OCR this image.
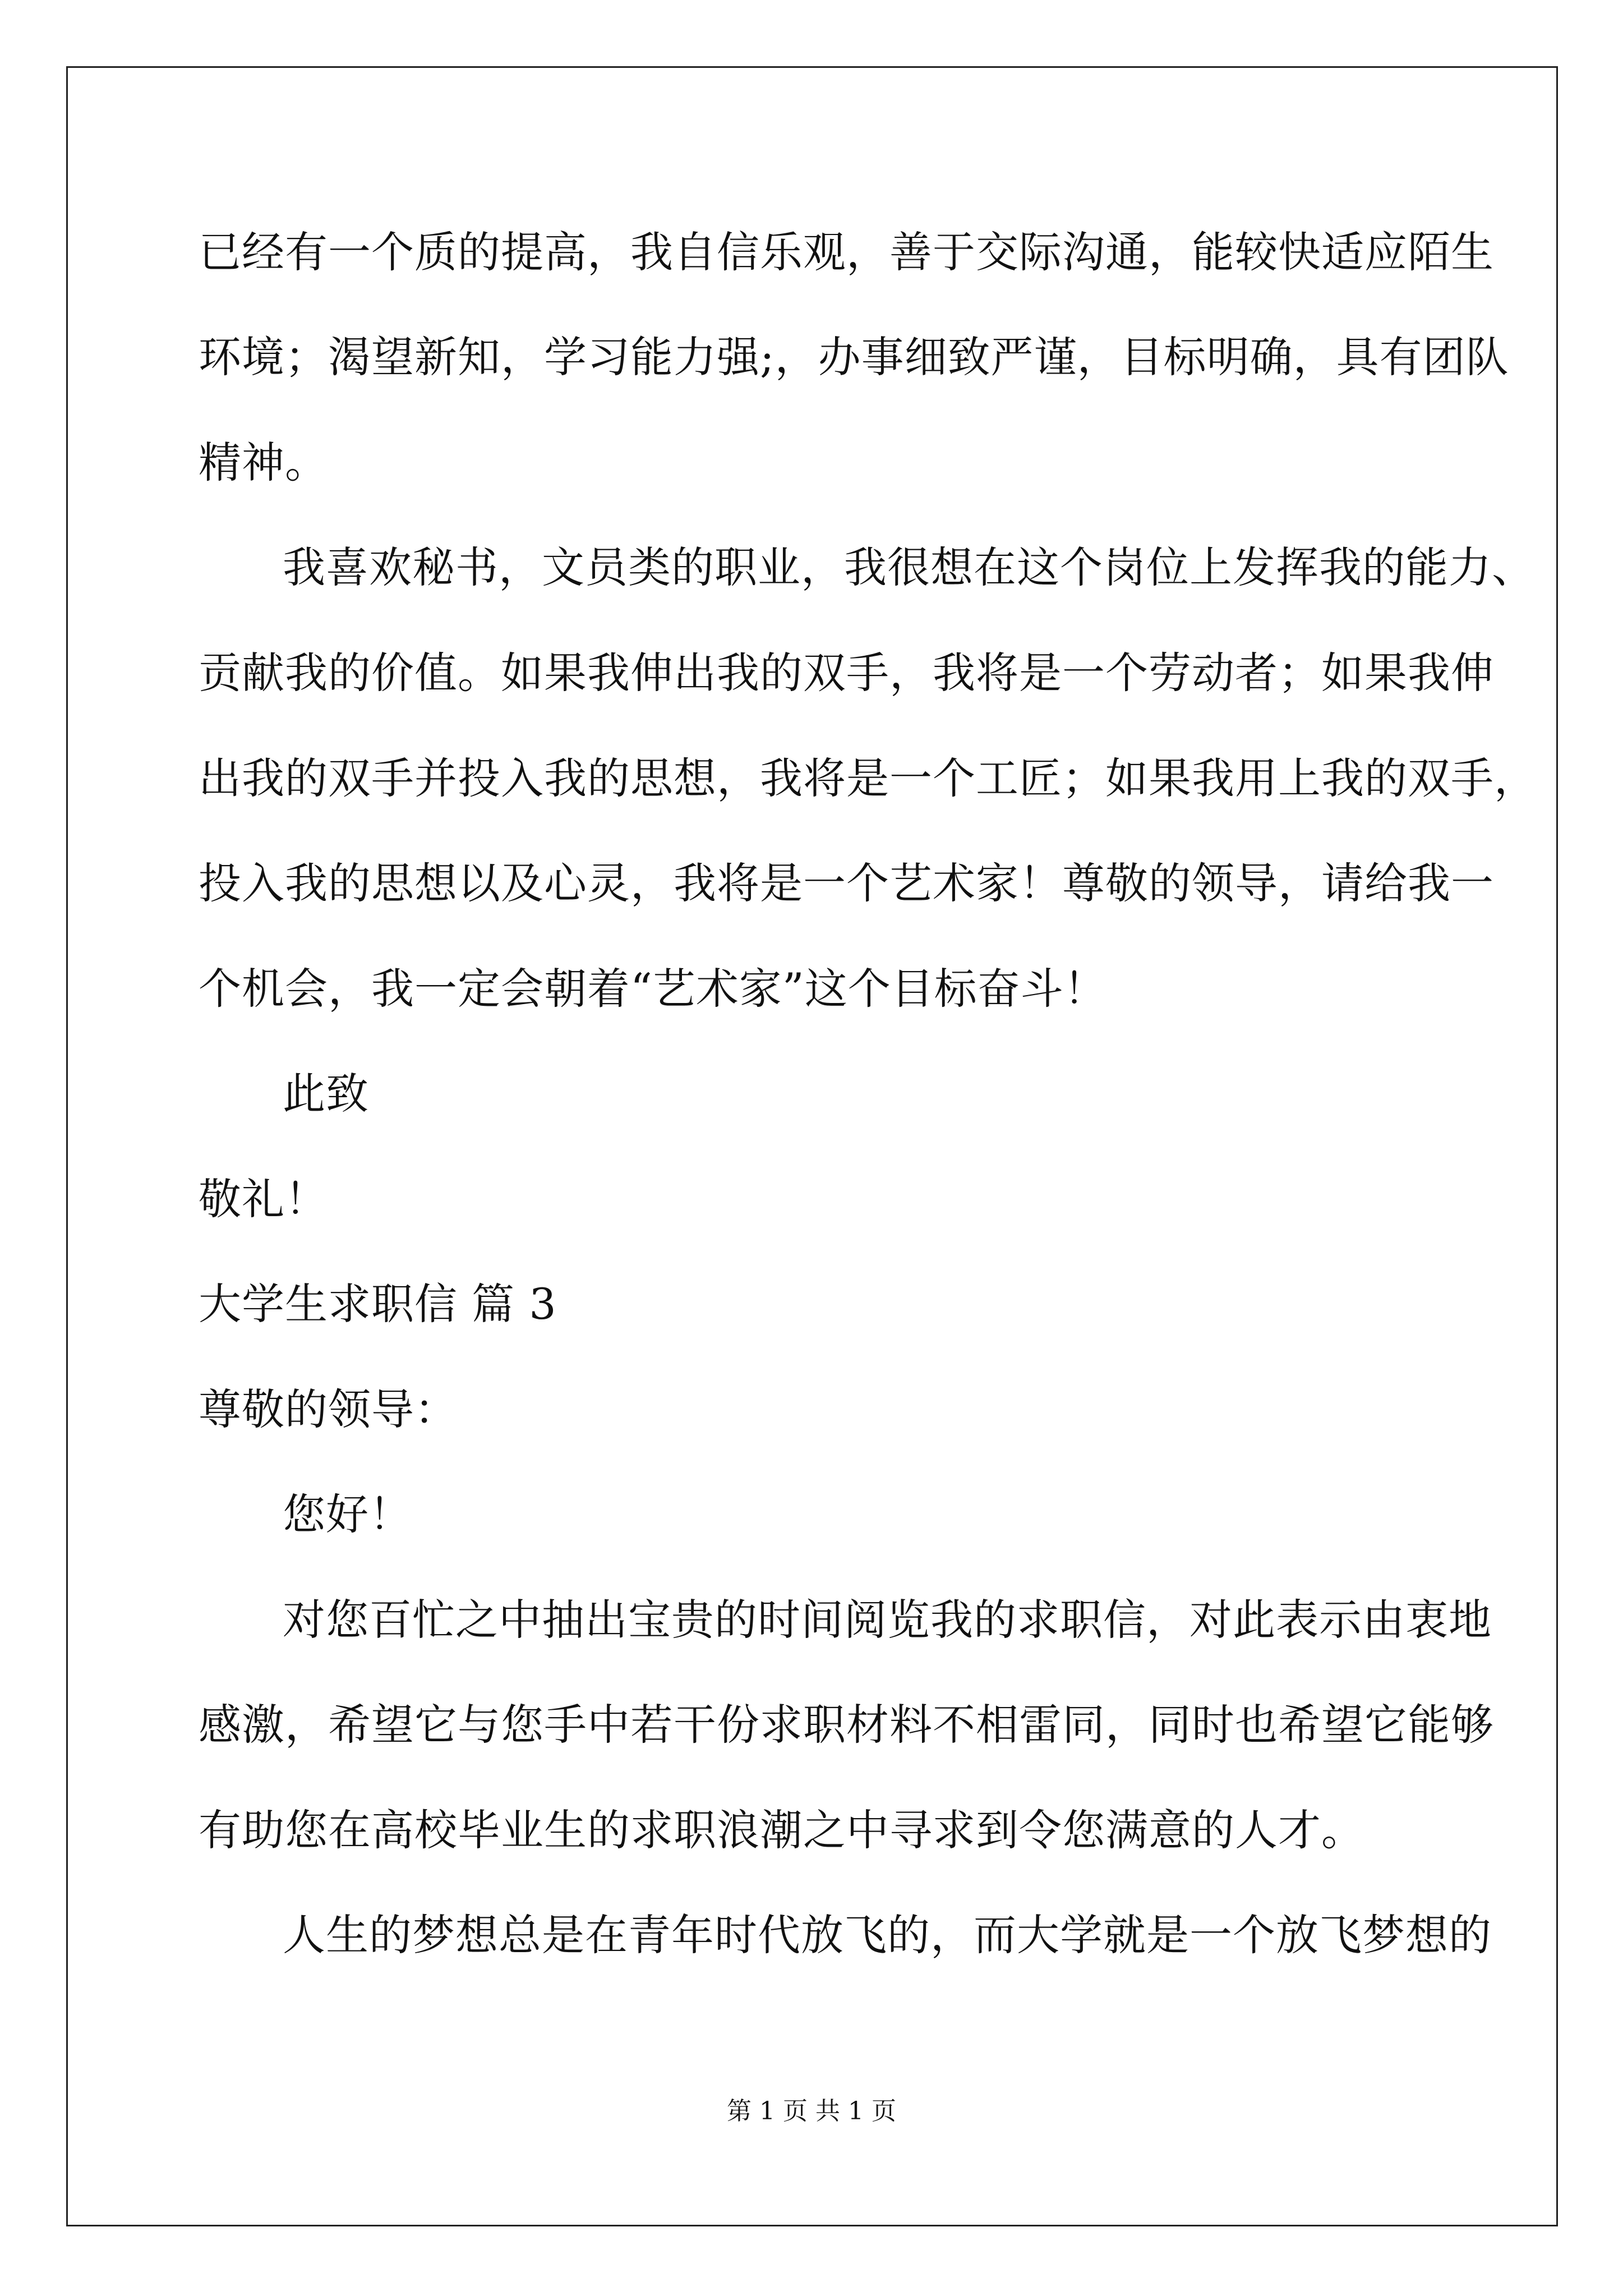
已经有一个质的提高，我自信乐观，善于交际沟通，能较快适应陌生
环境；渴望新知，学习能力强;，办事细致严谨，目标明确，具有团队
精神。
我喜欢秘书，文员类的职业，我很想在这个岗位上发挥我的能力、
贡献我的价值。如果我伸出我的双手，我将是一个劳动者；如果我伸
出我的双手并投入我的思想，我将是一个工匠；如果我用上我的双手，
投入我的思想以及心灵，我将是一个艺术家！尊敬的领导，请给我一
个机会，我一定会朝着“艺术家”这个目标奋斗！
此致
敬礼！
大学生求职信 篇 3
尊敬的领导：
您好！
对您百忙之中抽出宝贵的时间阅览我的求职信，对此表示由衷地
感激，希望它与您手中若干份求职材料不相雷同，同时也希望它能够
有助您在高校毕业生的求职浪潮之中寻求到令您满意的人才。
人生的梦想总是在青年时代放飞的，而大学就是一个放飞梦想的
第 1 页 共 1 页
